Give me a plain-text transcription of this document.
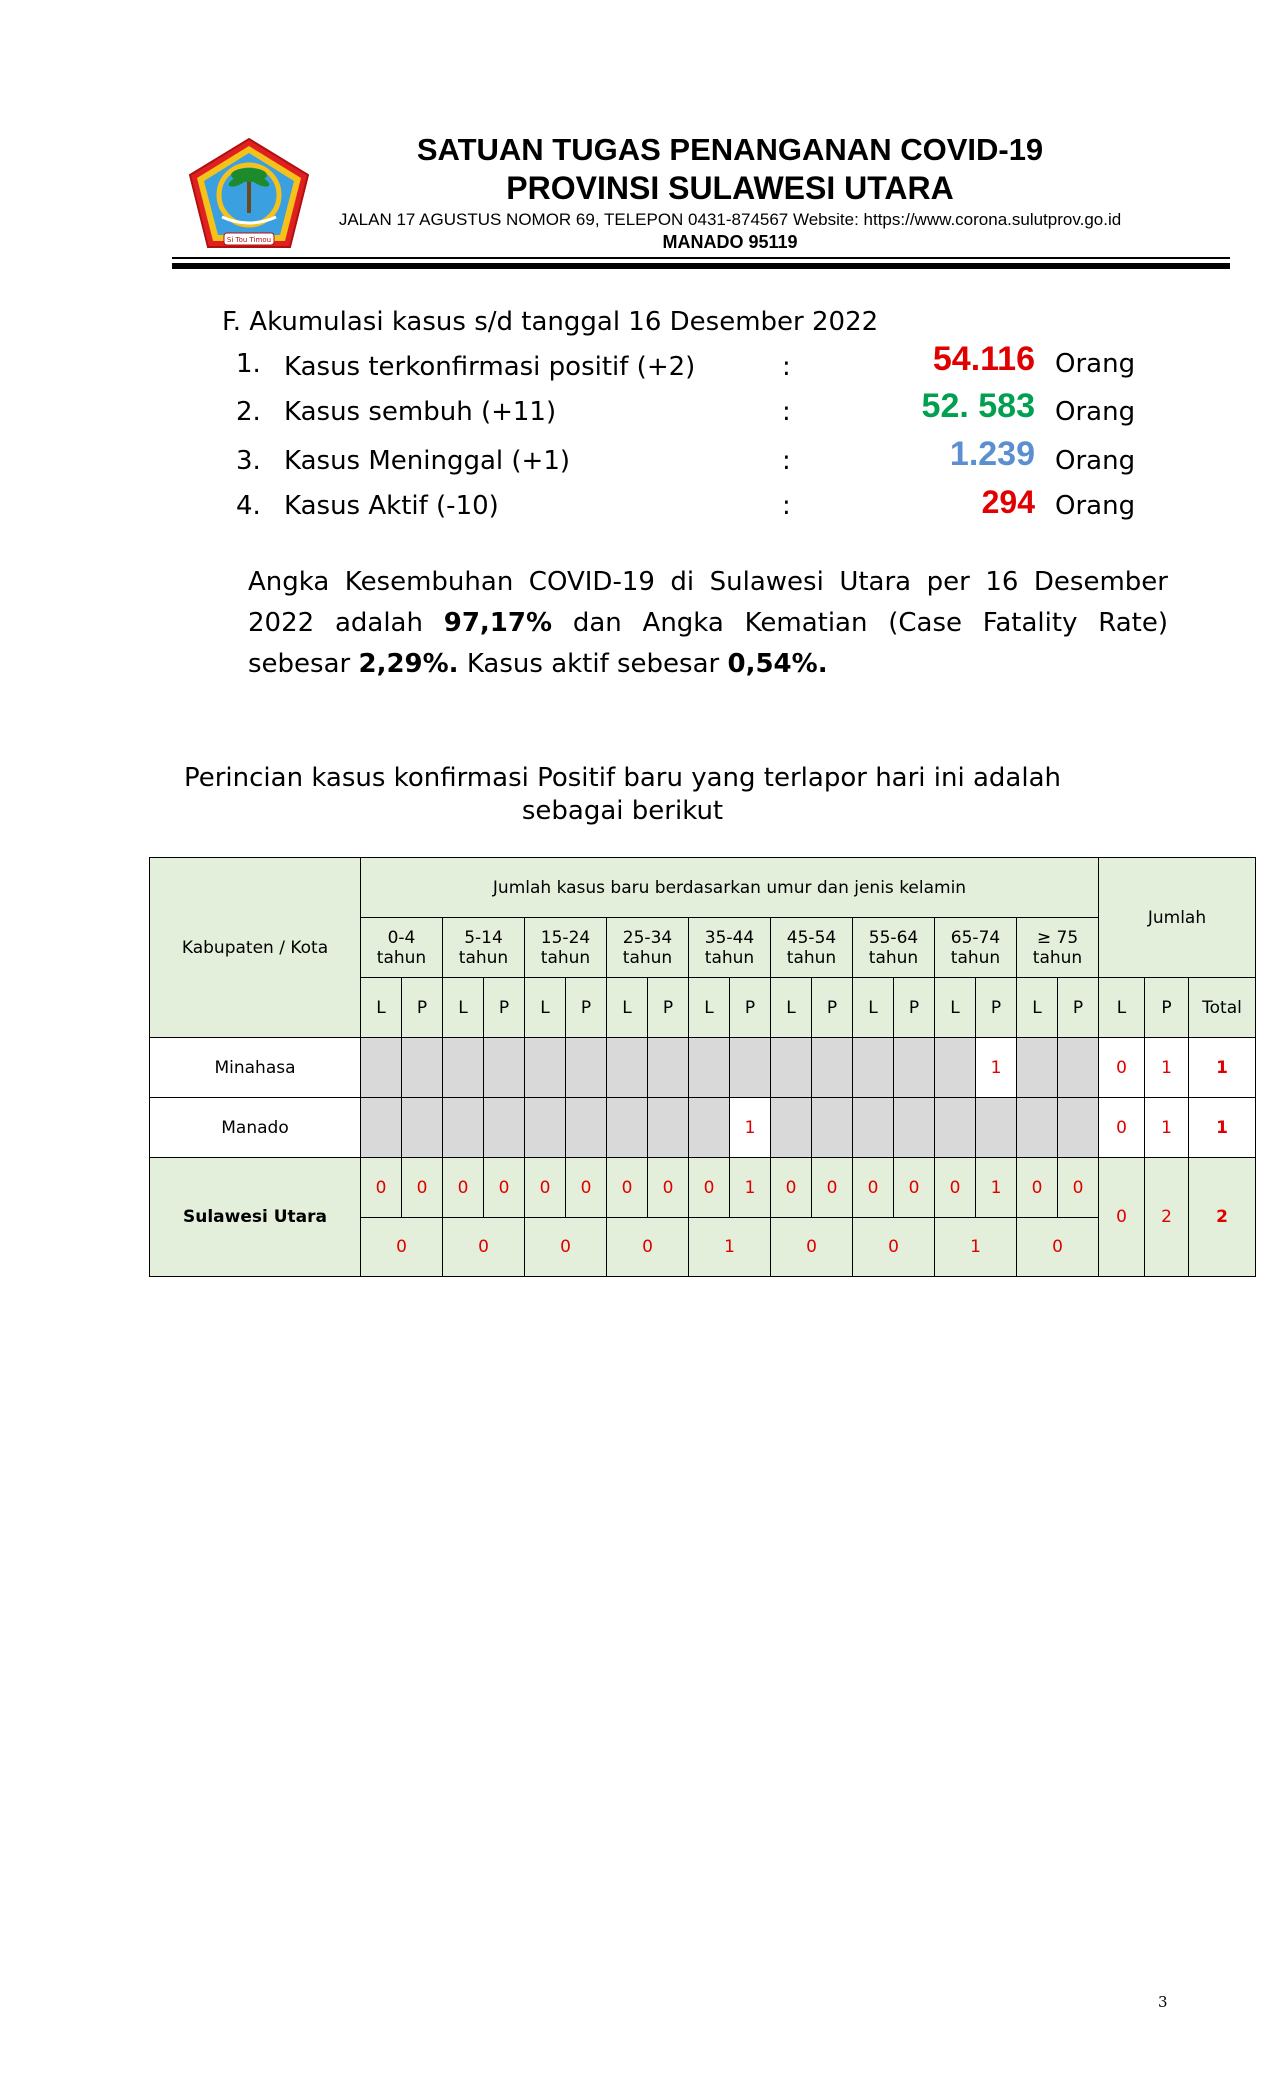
Si Tou Timou
SATUAN TUGAS PENANGANAN COVID-19
PROVINSI SULAWESI UTARA
JALAN 17 AGUSTUS NOMOR 69, TELEPON 0431-874567 Website: https://www.corona.sulutprov.go.id
MANADO 95119
F. Akumulasi kasus s/d tanggal 16 Desember 2022
1. Kasus terkonfirmasi positif (+2)	:	54.116 Orang
2. Kasus sembuh (+11)	:	52. 583 Orang
3. Kasus Meninggal (+1)	:	1.239 Orang
4. Kasus Aktif (-10)	:	294 Orang
Angka Kesembuhan COVID-19 di Sulawesi Utara per 16 Desember 2022 adalah 97,17% dan Angka Kematian (Case Fatality Rate) sebesar 2,29%. Kasus aktif sebesar 0,54%.
Perincian kasus konfirmasi Positif baru yang terlapor hari ini adalah sebagai berikut
Kabupaten / Kota	Jumlah kasus baru berdasarkan umur dan jenis kelamin																		Jumlah		
	0-4 tahun		5-14 tahun		15-24 tahun		25-34 tahun		35-44 tahun		45-54 tahun		55-64 tahun		65-74 tahun		≥ 75 tahun				
	L	P	L	P	L	P	L	P	L	P	L	P	L	P	L	P	L	P	L	P	Total
Minahasa																1			0	1	1
Manado										1									0	1	1
Sulawesi Utara	0	0	0	0	0	0	0	0	0	1	0	0	0	0	0	1	0	0	0	2	2
	0		0		0		0		1		0		0		1		0				
3
